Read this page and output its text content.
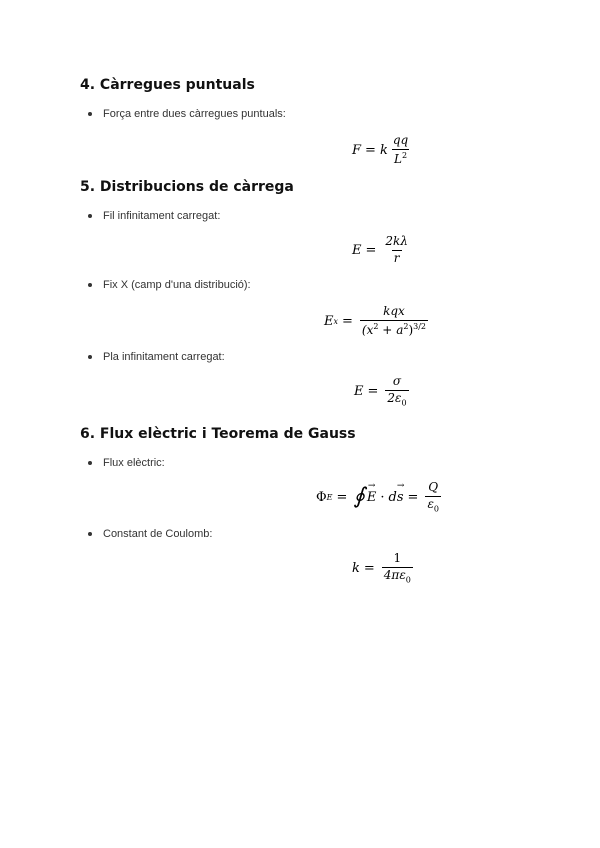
4. Càrregues puntuals
Força entre dues càrregues puntuals:
F = k $\frac{qq}{L^2}$
5. Distribucions de càrrega
Fil infinitament carregat:
$E = \frac{2k\lambda}{r}$
Fix X (camp d'una distribució):
E $x = \frac{\text{kqx}}{(x^2 + a^2)^{3/2}}$
Pla infinitament carregat:
$E = \frac{\sigma}{2\varepsilon_0}$
6. Flux elèctric i Teorema de Gauss
Flux elèctric:
Φ E = ∮
→ E · d
→ $s = \frac{Q}{\varepsilon_0}$
Constant de Coulomb:
$k = \frac{1}{4\pi\varepsilon_0}$
